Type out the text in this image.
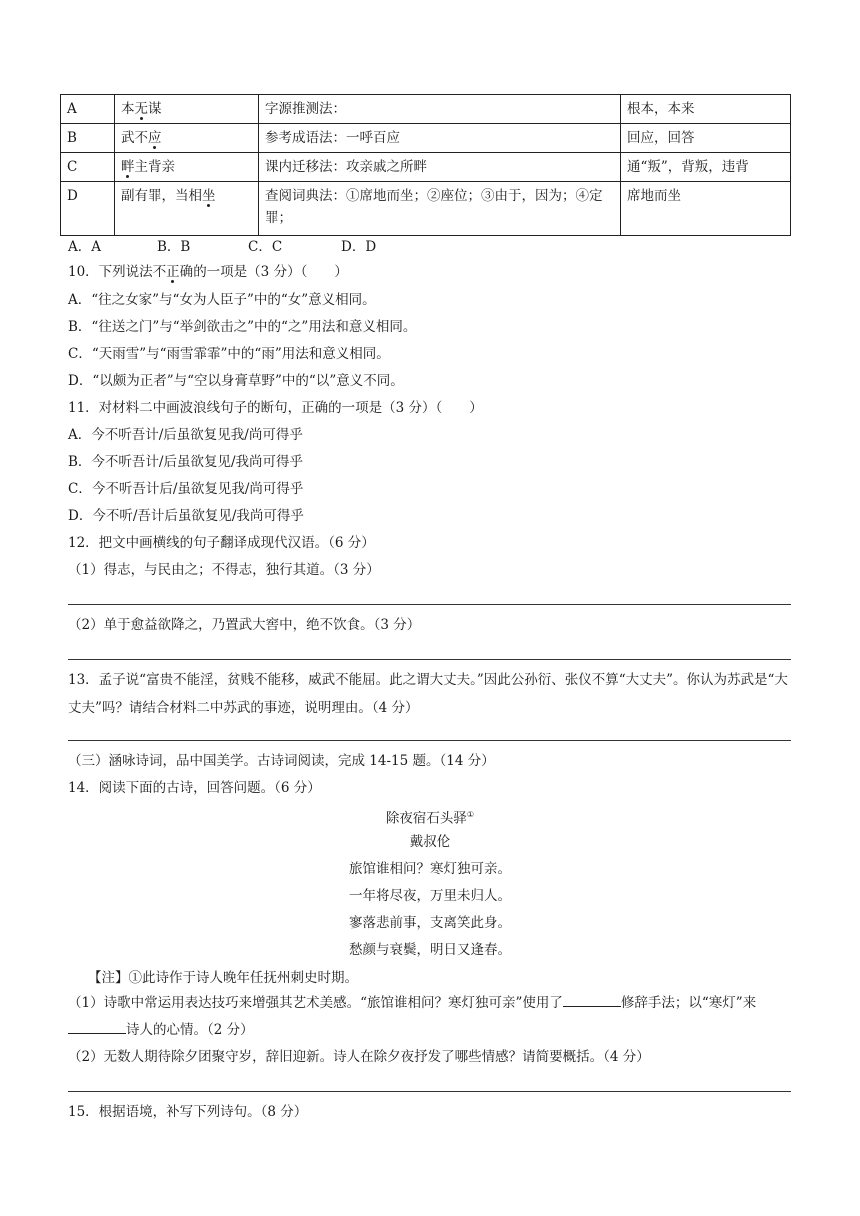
A	本无谋	字源推测法：	根本，本来
B	武不应	参考成语法：一呼百应	回应，回答
C	畔主背亲	课内迁移法：攻亲戚之所畔	通“叛”，背叛，违背
D	副有罪，当相坐	查阅词典法：①席地而坐；②座位；③由于，因为；④定罪；	席地而坐
A．A	B．B	C．C	D．D
10．下列说法不正确的一项是（3 分）（　　）
A．“往之女家”与“女为人臣子”中的“女”意义相同。
B．“往送之门”与“举剑欲击之”中的“之”用法和意义相同。
C．“天雨雪”与“雨雪霏霏”中的“雨”用法和意义相同。
D．“以颇为正者”与“空以身膏草野”中的“以”意义不同。
11．对材料二中画波浪线句子的断句，正确的一项是（3 分）（　　）
A．今不听吾计/后虽欲复见我/尚可得乎
B．今不听吾计/后虽欲复见/我尚可得乎
C．今不听吾计后/虽欲复见我/尚可得乎
D．今不听/吾计后虽欲复见/我尚可得乎
12．把文中画横线的句子翻译成现代汉语。（6 分）
（1）得志，与民由之；不得志，独行其道。（3 分）
（2）单于愈益欲降之，乃置武大窖中，绝不饮食。（3 分）
13．孟子说“富贵不能淫，贫贱不能移，威武不能屈。此之谓大丈夫。”因此公孙衍、张仪不算“大丈夫”。你认为苏武是“大丈夫”吗？请结合材料二中苏武的事迹，说明理由。（4 分）
（三）涵咏诗词，品中国美学。古诗词阅读，完成 14-15 题。（14 分）
14．阅读下面的古诗，回答问题。（6 分）
除夜宿石头驿①
戴叔伦
旅馆谁相问？寒灯独可亲。
一年将尽夜，万里未归人。
寥落悲前事，支离笑此身。
愁颜与衰鬓，明日又逢春。
【注】①此诗作于诗人晚年任抚州刺史时期。
（1）诗歌中常运用表达技巧来增强其艺术美感。“旅馆谁相问？寒灯独可亲”使用了	修辞手法；以“寒灯”来诗人的心情。（2 分）
（2）无数人期待除夕团聚守岁，辞旧迎新。诗人在除夕夜抒发了哪些情感？请简要概括。（4 分）
15．根据语境，补写下列诗句。（8 分）
